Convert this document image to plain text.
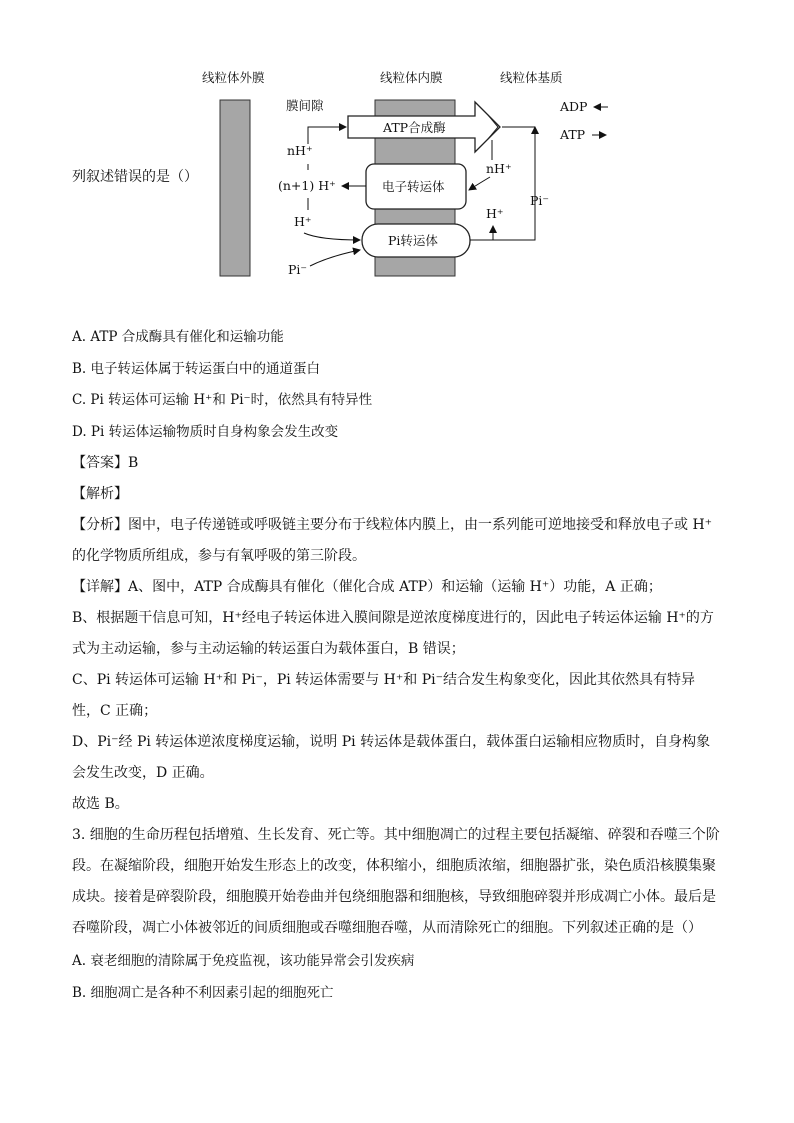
线粒体外膜	线粒体内膜	线粒体基质
膜间隙
ATP合成酶
ADP
ATP
电子转运体
Pi转运体
(n+1) H⁺
nH⁺
H⁺
Pi⁻
nH⁺
H⁺
Pi⁻
列叙述错误的是（）
A. ATP 合成酶具有催化和运输功能
B. 电子转运体属于转运蛋白中的通道蛋白
C. Pi 转运体可运输 H⁺和 Pi⁻时，依然具有特异性
D. Pi 转运体运输物质时自身构象会发生改变
【答案】B
【解析】
【分析】图中，电子传递链或呼吸链主要分布于线粒体内膜上，由一系列能可逆地接受和释放电子或 H⁺的化学物质所组成，参与有氧呼吸的第三阶段。
【详解】A、图中，ATP 合成酶具有催化（催化合成 ATP）和运输（运输 H⁺）功能，A 正确；
B、根据题干信息可知，H⁺经电子转运体进入膜间隙是逆浓度梯度进行的，因此电子转运体运输 H⁺的方式为主动运输，参与主动运输的转运蛋白为载体蛋白，B 错误；
C、Pi 转运体可运输 H⁺和 Pi⁻，Pi 转运体需要与 H⁺和 Pi⁻结合发生构象变化，因此其依然具有特异性，C 正确；
D、Pi⁻经 Pi 转运体逆浓度梯度运输，说明 Pi 转运体是载体蛋白，载体蛋白运输相应物质时，自身构象会发生改变，D 正确。
故选 B。
3. 细胞的生命历程包括增殖、生长发育、死亡等。其中细胞凋亡的过程主要包括凝缩、碎裂和吞噬三个阶段。在凝缩阶段，细胞开始发生形态上的改变，体积缩小，细胞质浓缩，细胞器扩张，染色质沿核膜集聚成块。接着是碎裂阶段，细胞膜开始卷曲并包绕细胞器和细胞核，导致细胞碎裂并形成凋亡小体。最后是吞噬阶段，凋亡小体被邻近的间质细胞或吞噬细胞吞噬，从而清除死亡的细胞。下列叙述正确的是（）
A. 衰老细胞的清除属于免疫监视，该功能异常会引发疾病
B. 细胞凋亡是各种不利因素引起的细胞死亡
